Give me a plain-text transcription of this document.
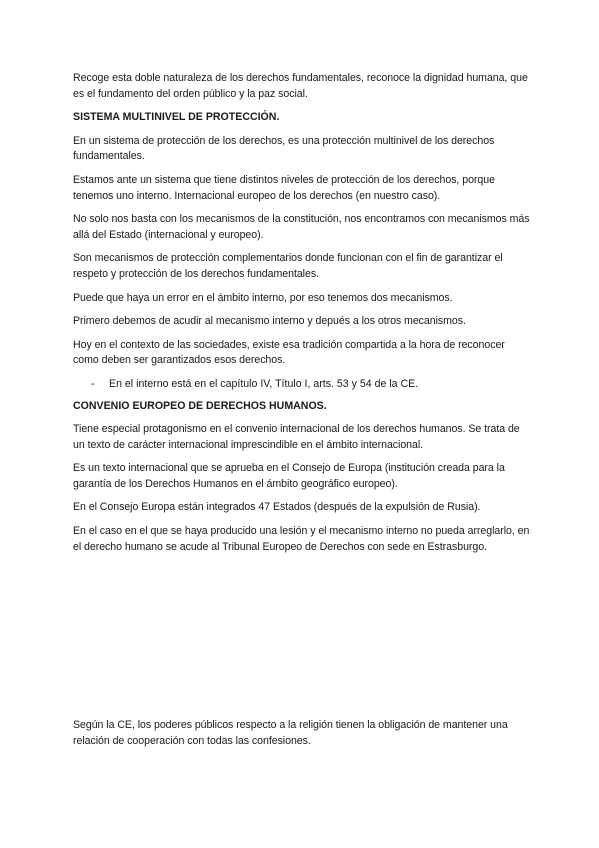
Recoge esta doble naturaleza de los derechos fundamentales, reconoce la dignidad humana, que es el fundamento del orden público y la paz social.

SISTEMA MULTINIVEL DE PROTECCIÓN.

En un sistema de protección de los derechos, es una protección multinivel de los derechos fundamentales.

Estamos ante un sistema que tiene distintos niveles de protección de los derechos, porque tenemos uno interno. Internacional europeo de los derechos (en nuestro caso).

No solo nos basta con los mecanismos de la constitución, nos encontramos con mecanismos más allá del Estado (internacional y europeo).

Son mecanismos de protección complementarios donde funcionan con el fin de garantizar el respeto y protección de los derechos fundamentales.

Puede que haya un error en el ámbito interno, por eso tenemos dos mecanismos.

Primero debemos de acudir al mecanismo interno y depués a los otros mecanismos.

Hoy en el contexto de las sociedades, existe esa tradición compartida a la hora de reconocer como deben ser garantizados esos derechos.

- En el interno está en el capítulo IV, Título I, arts. 53 y 54 de la CE.

CONVENIO EUROPEO DE DERECHOS HUMANOS.

Tiene especial protagonismo en el convenio internacional de los derechos humanos. Se trata de un texto de carácter internacional imprescindible en el ámbito internacional.

Es un texto internacional que se aprueba en el Consejo de Europa (institución creada para la garantía de los Derechos Humanos en el ámbito geográfico europeo).

En el Consejo Europa están integrados 47 Estados (después de la expulsión de Rusia).

En el caso en el que se haya producido una lesión y el mecanismo interno no pueda arreglarlo, en el derecho humano se acude al Tribunal Europeo de Derechos con sede en Estrasburgo.

Según la CE, los poderes públicos respecto a la religión tienen la obligación de mantener una relación de cooperación con todas las confesiones.
